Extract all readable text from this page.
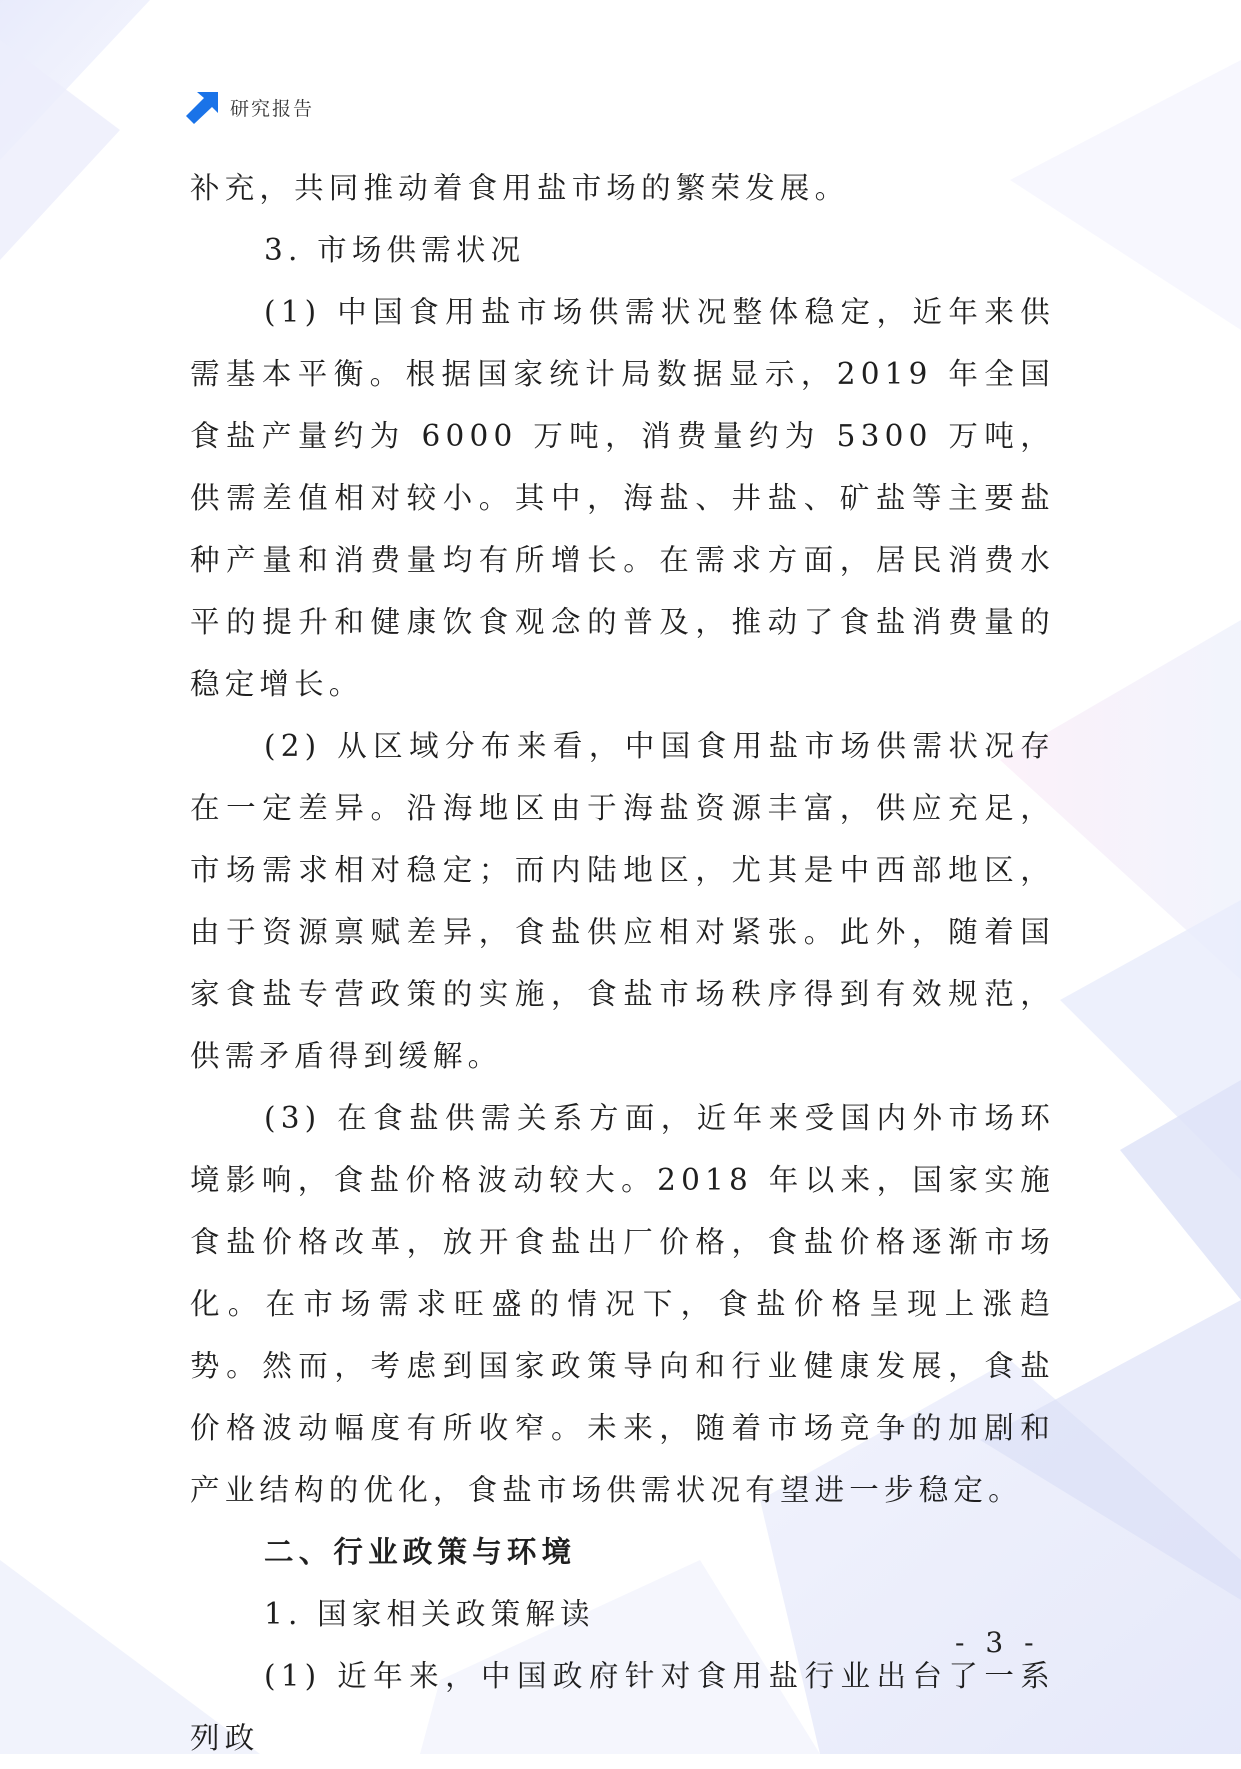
研究报告

补充，共同推动着食用盐市场的繁荣发展。

3. 市场供需状况

(1) 中国食用盐市场供需状况整体稳定，近年来供需基本平衡。根据国家统计局数据显示，2019 年全国食盐产量约为 6000 万吨，消费量约为 5300 万吨，供需差值相对较小。其中，海盐、井盐、矿盐等主要盐种产量和消费量均有所增长。在需求方面，居民消费水平的提升和健康饮食观念的普及，推动了食盐消费量的稳定增长。

(2) 从区域分布来看，中国食用盐市场供需状况存在一定差异。沿海地区由于海盐资源丰富，供应充足，市场需求相对稳定；而内陆地区，尤其是中西部地区，由于资源禀赋差异，食盐供应相对紧张。此外，随着国家食盐专营政策的实施，食盐市场秩序得到有效规范，供需矛盾得到缓解。

(3) 在食盐供需关系方面，近年来受国内外市场环境影响，食盐价格波动较大。2018 年以来，国家实施食盐价格改革，放开食盐出厂价格，食盐价格逐渐市场化。在市场需求旺盛的情况下，食盐价格呈现上涨趋势。然而，考虑到国家政策导向和行业健康发展，食盐价格波动幅度有所收窄。未来，随着市场竞争的加剧和产业结构的优化，食盐市场供需状况有望进一步稳定。

二、行业政策与环境

1. 国家相关政策解读

(1) 近年来，中国政府针对食用盐行业出台了一系列政

- 3 -
